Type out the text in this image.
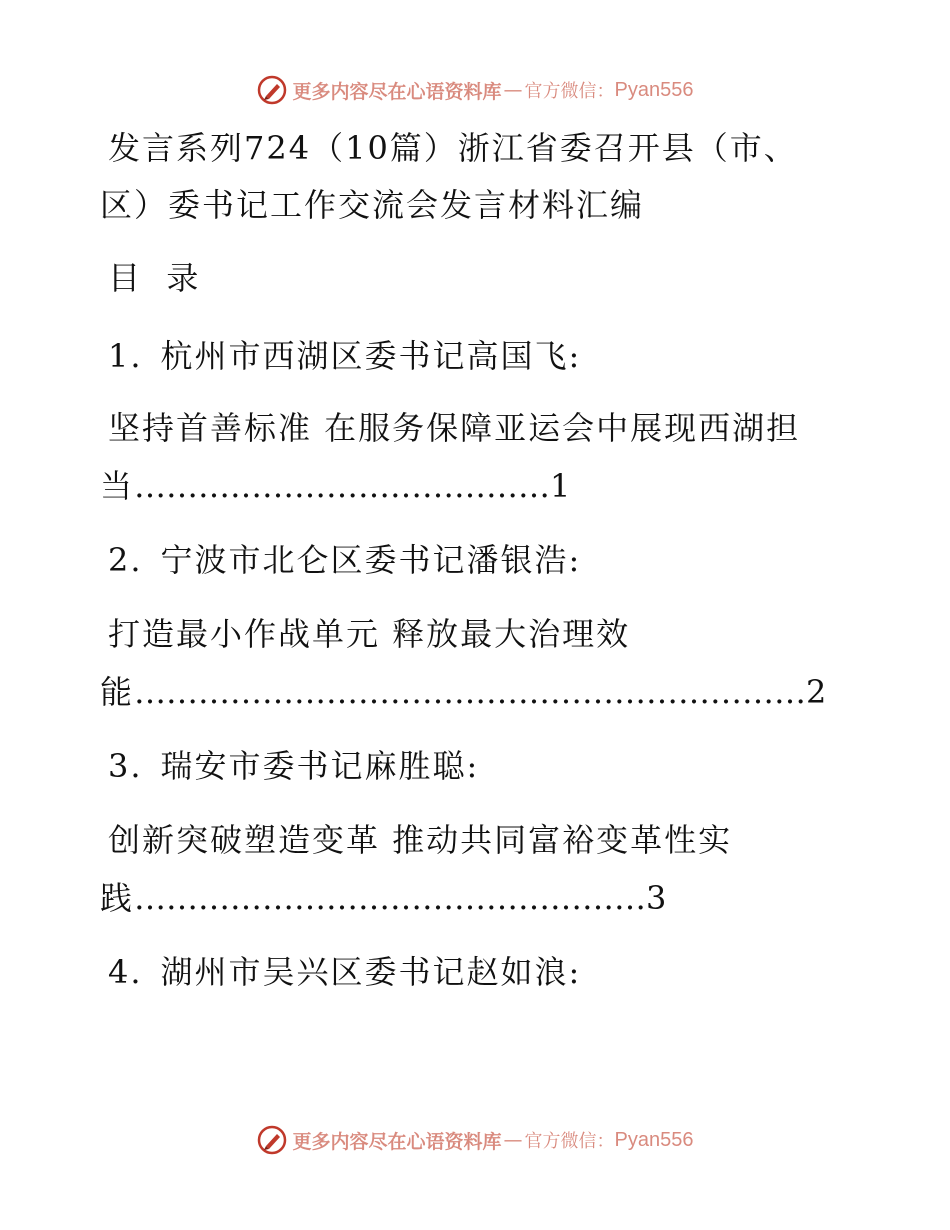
更多内容尽在心语资料库 — 官方微信： Pyan556
发言系列724（10篇）浙江省委召开县（市、
区）委书记工作交流会发言材料汇编
目  录
1. 杭州市西湖区委书记高国飞:
坚持首善标准 在服务保障亚运会中展现西湖担
当…………………………………1
2. 宁波市北仑区委书记潘银浩:
打造最小作战单元 释放最大治理效
能………………………………………………………2
3. 瑞安市委书记麻胜聪:
创新突破塑造变革 推动共同富裕变革性实
践…………………………………………3
4. 湖州市吴兴区委书记赵如浪:
更多内容尽在心语资料库 — 官方微信： Pyan556
